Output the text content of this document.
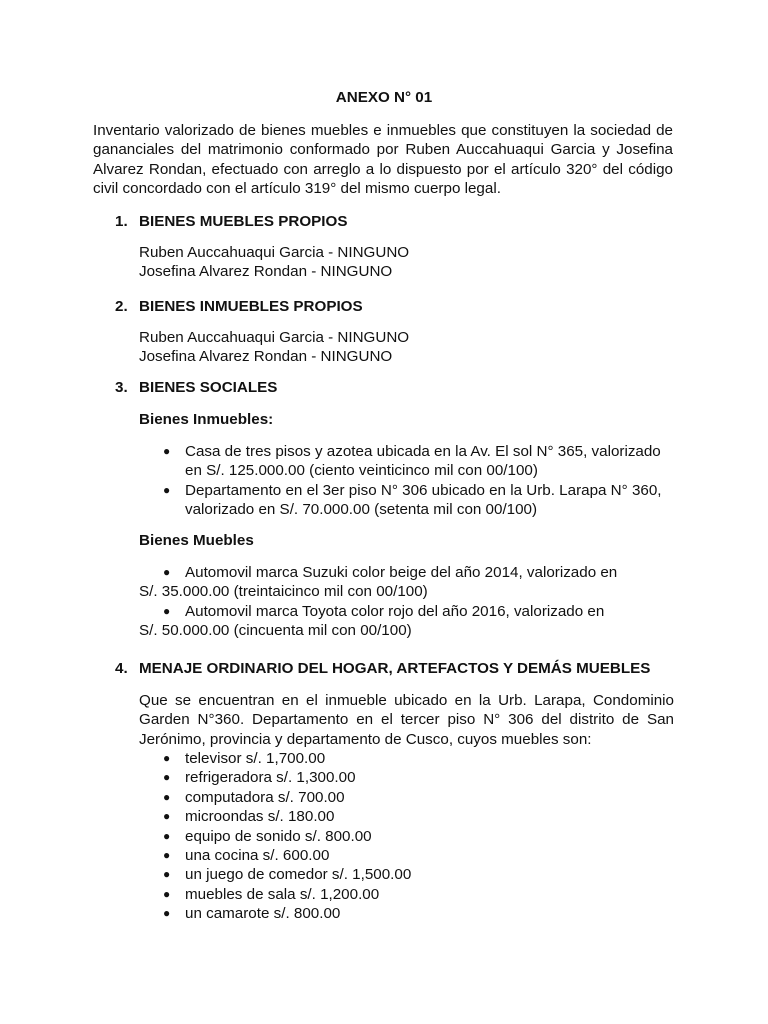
ANEXO N° 01

Inventario valorizado de bienes muebles e inmuebles que constituyen la sociedad de gananciales del matrimonio conformado por Ruben Auccahuaqui Garcia y Josefina Alvarez Rondan, efectuado con arreglo a lo dispuesto por el artículo 320° del código civil concordado con el artículo 319° del mismo cuerpo legal.

1. BIENES MUEBLES PROPIOS
Ruben Auccahuaqui Garcia - NINGUNO
Josefina Alvarez Rondan - NINGUNO
2. BIENES INMUEBLES PROPIOS
Ruben Auccahuaqui Garcia - NINGUNO
Josefina Alvarez Rondan - NINGUNO
3. BIENES SOCIALES
Bienes Inmuebles:
● Casa de tres pisos y azotea ubicada en la Av. El sol N° 365, valorizado en S/. 125.000.00 (ciento veinticinco mil con 00/100)
● Departamento en el 3er piso N° 306 ubicado en la Urb. Larapa N° 360, valorizado en S/. 70.000.00 (setenta mil con 00/100)
Bienes Muebles
● Automovil marca Suzuki color beige del año 2014, valorizado en
S/. 35.000.00 (treintaicinco mil con 00/100)
● Automovil marca Toyota color rojo del año 2016, valorizado en
S/. 50.000.00 (cincuenta mil con 00/100)
4. MENAJE ORDINARIO DEL HOGAR, ARTEFACTOS Y DEMÁS MUEBLES

Que se encuentran en el inmueble ubicado en la Urb. Larapa, Condominio Garden N°360. Departamento en el tercer piso N° 306 del distrito de San Jerónimo, provincia y departamento de Cusco, cuyos muebles son:

● televisor s/. 1,700.00
● refrigeradora s/. 1,300.00
● computadora s/. 700.00
● microondas s/. 180.00
● equipo de sonido s/. 800.00
● una cocina s/. 600.00
● un juego de comedor s/. 1,500.00
● muebles de sala s/. 1,200.00
● un camarote s/. 800.00
